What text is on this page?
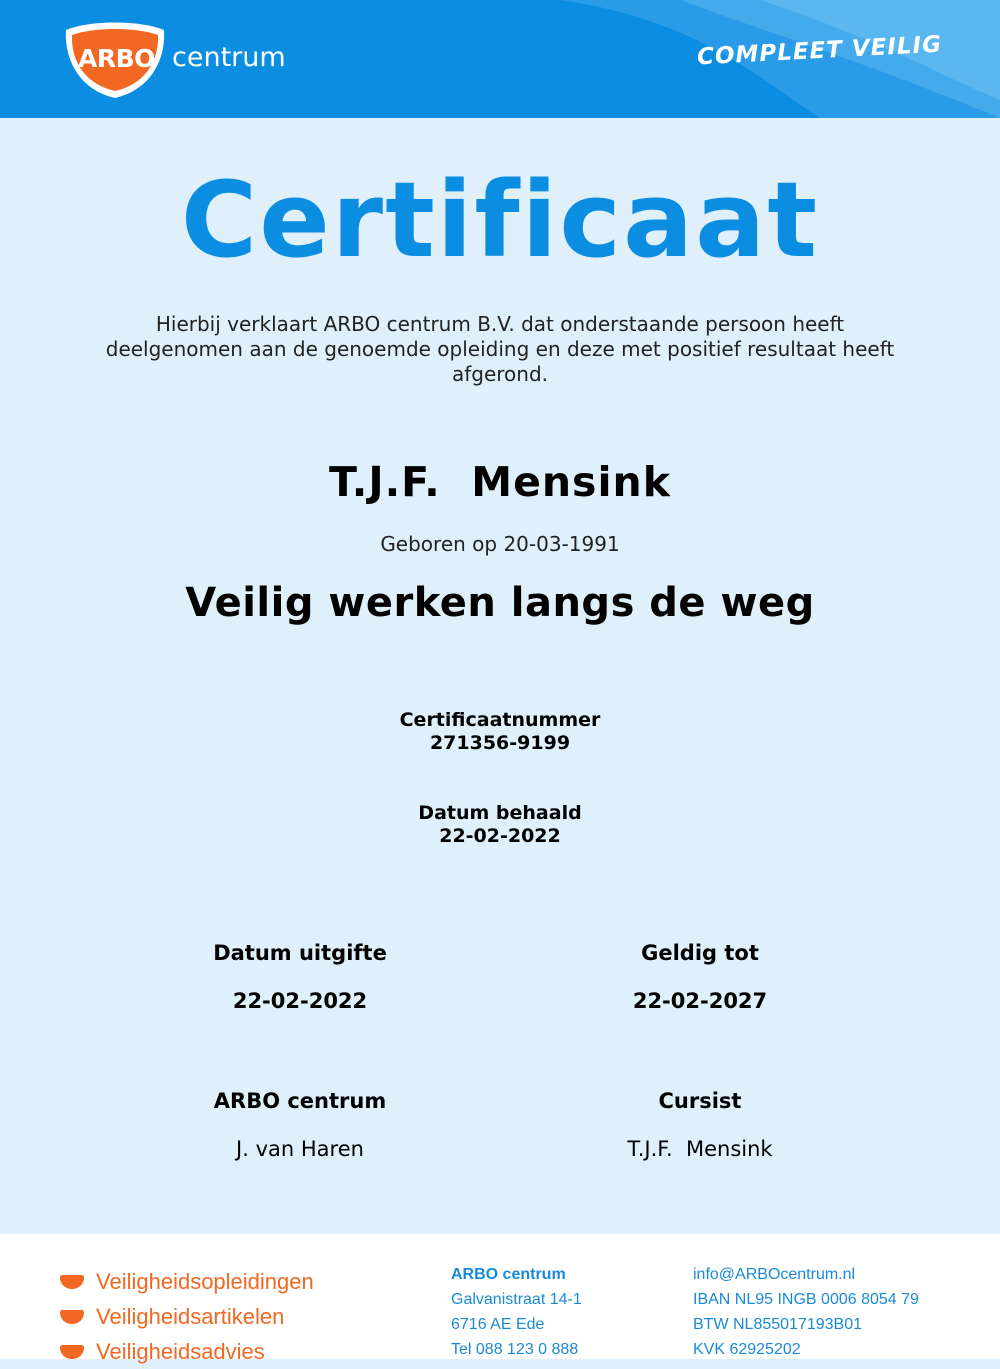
ARBO centrum	COMPLEET VEILIG
Certificaat
Hierbij verklaart ARBO centrum B.V. dat onderstaande persoon heeft deelgenomen aan de genoemde opleiding en deze met positief resultaat heeft afgerond.
T.J.F.  Mensink
Geboren op 20-03-1991
Veilig werken langs de weg
Certificaatnummer
271356-9199
Datum behaald
22-02-2022
Datum uitgifte
22-02-2022
Geldig tot
22-02-2027
ARBO centrum
J. van Haren
Cursist
T.J.F.  Mensink
Veiligheidsopleidingen
Veiligheidsartikelen
Veiligheidsadvies
ARBO centrum
Galvanistraat 14-1
6716 AE Ede
Tel 088 123 0 888
info@ARBOcentrum.nl
IBAN NL95 INGB 0006 8054 79
BTW NL855017193B01
KVK 62925202
